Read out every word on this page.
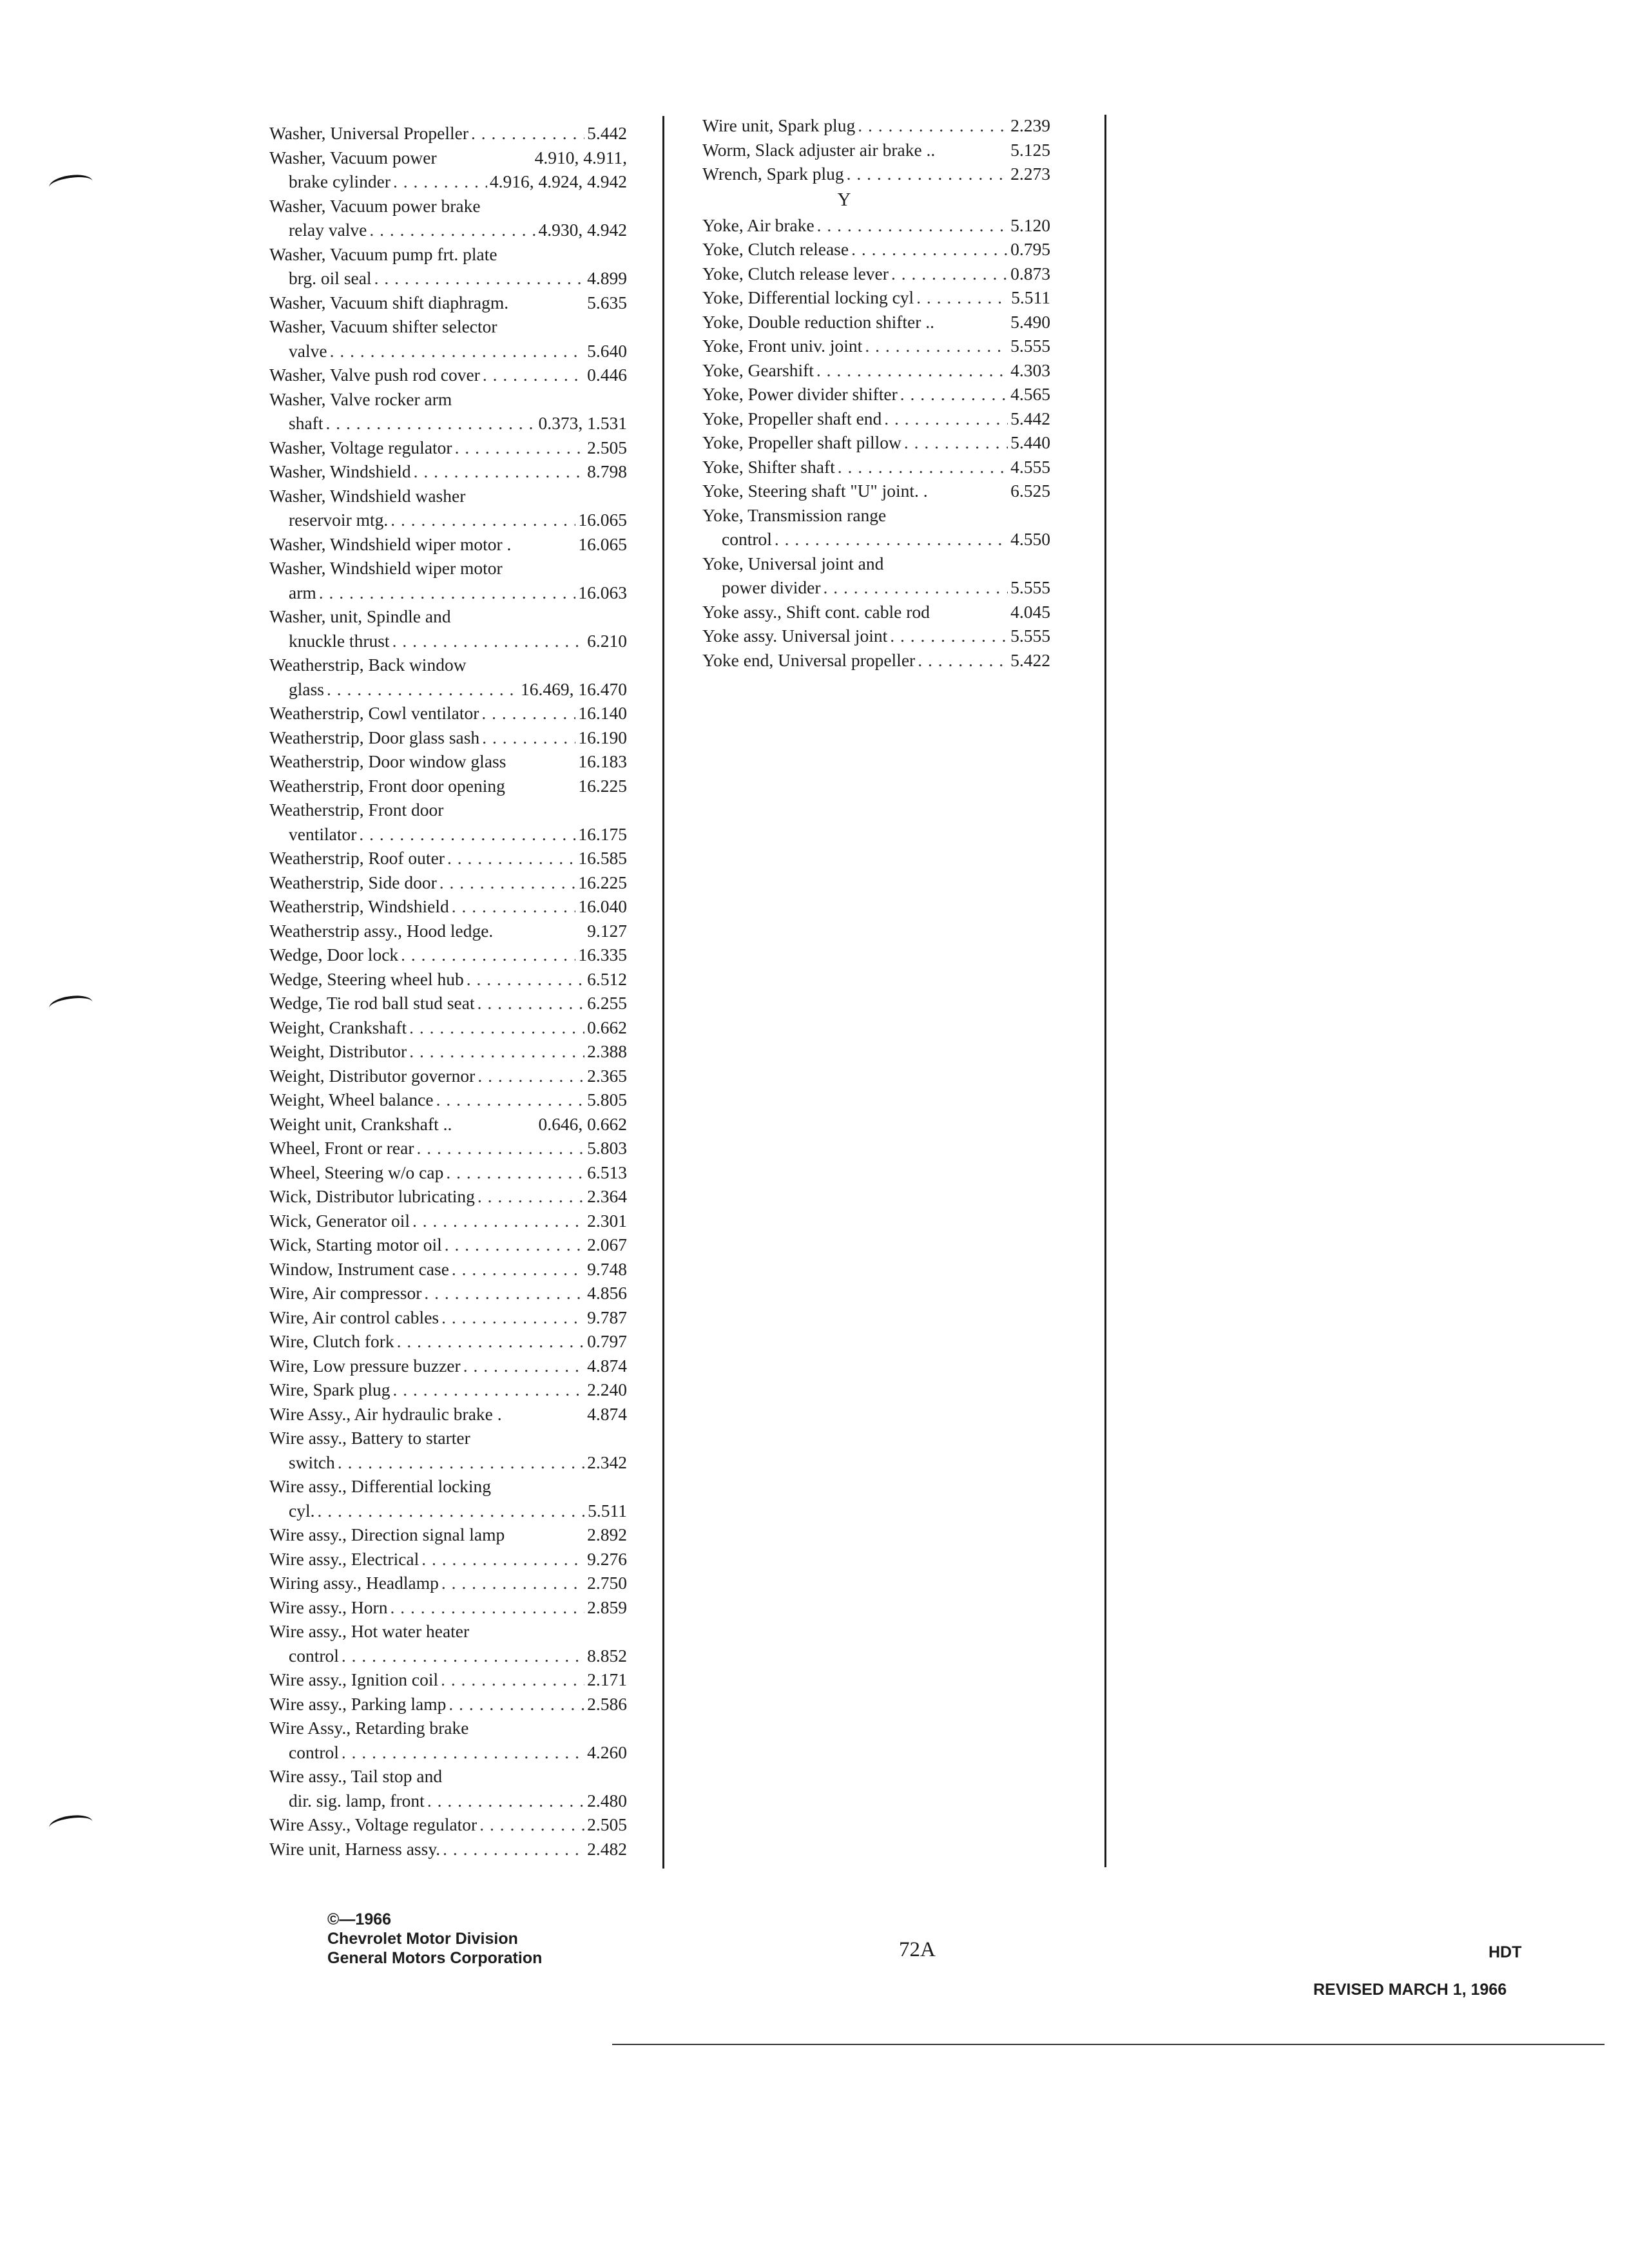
Washer, Universal Propeller . . .	5.442
Washer, Vacuum power	4.910, 4.911,
brake cylinder . . .	4.916, 4.924, 4.942
Washer, Vacuum power brake
relay valve . . .	4.930, 4.942
Washer, Vacuum pump frt. plate
brg. oil seal . . .	4.899
Washer, Vacuum shift diaphragm.	5.635
Washer, Vacuum shifter selector
valve . . .	5.640
Washer, Valve push rod cover . . .	0.446
Washer, Valve rocker arm
shaft . . .	0.373, 1.531
Washer, Voltage regulator . . .	2.505
Washer, Windshield . . .	8.798
Washer, Windshield washer
reservoir mtg. . . .	16.065
Washer, Windshield wiper motor .	16.065
Washer, Windshield wiper motor
arm . . .	16.063
Washer, unit, Spindle and
knuckle thrust . . .	6.210
Weatherstrip, Back window
glass . . .	16.469, 16.470
Weatherstrip, Cowl ventilator . . .	16.140
Weatherstrip, Door glass sash . . .	16.190
Weatherstrip, Door window glass	16.183
Weatherstrip, Front door opening	16.225
Weatherstrip, Front door
ventilator . . .	16.175
Weatherstrip, Roof outer . . .	16.585
Weatherstrip, Side door . . .	16.225
Weatherstrip, Windshield . . .	16.040
Weatherstrip assy., Hood ledge.	9.127
Wedge, Door lock . . .	16.335
Wedge, Steering wheel hub . . .	6.512
Wedge, Tie rod ball stud seat . . .	6.255
Weight, Crankshaft . . .	0.662
Weight, Distributor . . .	2.388
Weight, Distributor governor . . .	2.365
Weight, Wheel balance . . .	5.805
Weight unit, Crankshaft ..	0.646, 0.662
Wheel, Front or rear . . .	5.803
Wheel, Steering w/o cap . . .	6.513
Wick, Distributor lubricating . . .	2.364
Wick, Generator oil . . .	2.301
Wick, Starting motor oil . . .	2.067
Window, Instrument case . . .	9.748
Wire, Air compressor . . .	4.856
Wire, Air control cables . . .	9.787
Wire, Clutch fork . . .	0.797
Wire, Low pressure buzzer . . .	4.874
Wire, Spark plug . . .	2.240
Wire Assy., Air hydraulic brake .	4.874
Wire assy., Battery to starter
switch . . .	2.342
Wire assy., Differential locking
cyl. . . .	5.511
Wire assy., Direction signal lamp	2.892
Wire assy., Electrical . . .	9.276
Wiring assy., Headlamp . . .	2.750
Wire assy., Horn . . .	2.859
Wire assy., Hot water heater
control . . .	8.852
Wire assy., Ignition coil . . .	2.171
Wire assy., Parking lamp . . .	2.586
Wire Assy., Retarding brake
control . . .	4.260
Wire assy., Tail stop and
dir. sig. lamp, front . . .	2.480
Wire Assy., Voltage regulator . . .	2.505
Wire unit, Harness assy. . . .	2.482
Wire unit, Spark plug . . .	2.239
Worm, Slack adjuster air brake ..	5.125
Wrench, Spark plug . . .	2.273
Y
Yoke, Air brake . . .	5.120
Yoke, Clutch release . . .	0.795
Yoke, Clutch release lever . . .	0.873
Yoke, Differential locking cyl . . .	5.511
Yoke, Double reduction shifter ..	5.490
Yoke, Front univ. joint . . .	5.555
Yoke, Gearshift . . .	4.303
Yoke, Power divider shifter . . .	4.565
Yoke, Propeller shaft end . . .	5.442
Yoke, Propeller shaft pillow . . .	5.440
Yoke, Shifter shaft . . .	4.555
Yoke, Steering shaft "U" joint. .	6.525
Yoke, Transmission range
control . . .	4.550
Yoke, Universal joint and
power divider . . .	5.555
Yoke assy., Shift cont. cable rod	4.045
Yoke assy. Universal joint . . .	5.555
Yoke end, Universal propeller . . .	5.422
©—1966
Chevrolet Motor Division
General Motors Corporation	72A	HDT
REVISED MARCH 1, 1966
